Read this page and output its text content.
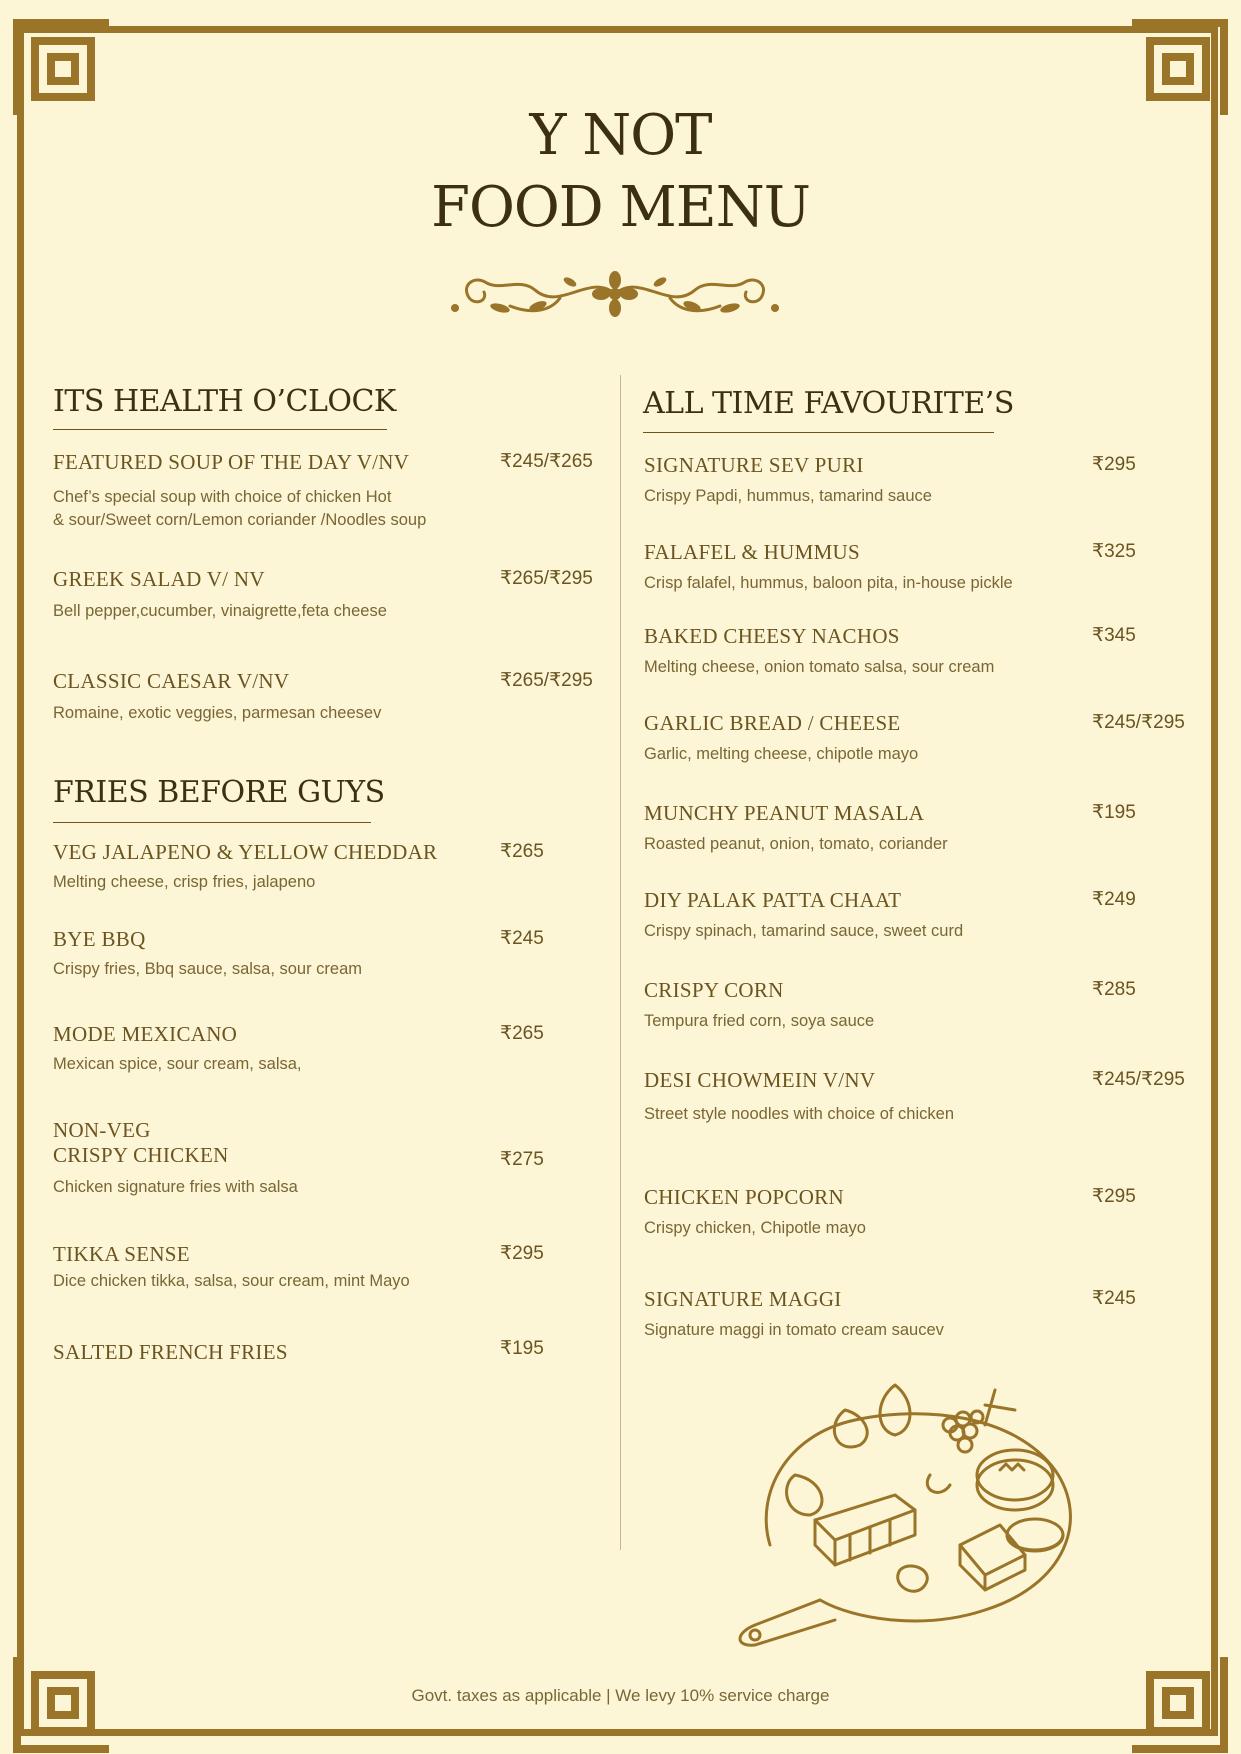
Y NOT
FOOD MENU
ITS HEALTH O’CLOCK
FEATURED SOUP OF THE DAY V/NV	₹245/₹265
Chef’s special soup with choice of chicken Hot
& sour/Sweet corn/Lemon coriander /Noodles soup
GREEK SALAD V/ NV	₹265/₹295
Bell pepper,cucumber, vinaigrette,feta cheese
CLASSIC CAESAR V/NV	₹265/₹295
Romaine, exotic veggies, parmesan cheesev
FRIES BEFORE GUYS
VEG JALAPENO & YELLOW CHEDDAR	₹265
Melting cheese, crisp fries, jalapeno
BYE BBQ	₹245
Crispy fries, Bbq sauce, salsa, sour cream
MODE MEXICANO	₹265
Mexican spice, sour cream, salsa,
NON-VEG
CRISPY CHICKEN	₹275
Chicken signature fries with salsa
TIKKA SENSE	₹295
Dice chicken tikka, salsa, sour cream, mint Mayo
SALTED FRENCH FRIES	₹195
ALL TIME FAVOURITE’S
SIGNATURE SEV PURI	₹295
Crispy Papdi, hummus, tamarind sauce
FALAFEL & HUMMUS	₹325
Crisp falafel, hummus, baloon pita, in-house pickle
BAKED CHEESY NACHOS	₹345
Melting cheese, onion tomato salsa, sour cream
GARLIC BREAD / CHEESE	₹245/₹295
Garlic, melting cheese, chipotle mayo
MUNCHY PEANUT MASALA	₹195
Roasted peanut, onion, tomato, coriander
DIY PALAK PATTA CHAAT	₹249
Crispy spinach, tamarind sauce, sweet curd
CRISPY CORN	₹285
Tempura fried corn, soya sauce
DESI CHOWMEIN V/NV	₹245/₹295
Street style noodles with choice of chicken
CHICKEN POPCORN	₹295
Crispy chicken, Chipotle mayo
SIGNATURE MAGGI	₹245
Signature maggi in tomato cream saucev
Govt. taxes as applicable | We levy 10% service charge
